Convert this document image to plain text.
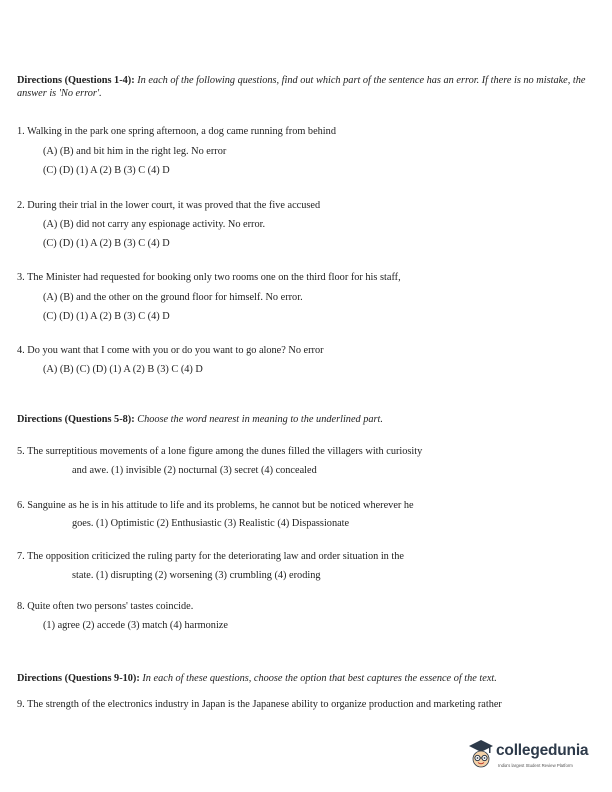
Directions (Questions 1-4): In each of the following questions, find out which part of the sentence has an error. If there is no mistake, the answer is 'No error'.
1. Walking in the park one spring afternoon, a dog came running from behind
(A) (B) and bit him in the right leg. No error
(C) (D) (1) A (2) B (3) C (4) D
2. During their trial in the lower court, it was proved that the five accused
(A) (B) did not carry any espionage activity. No error.
(C) (D) (1) A (2) B (3) C (4) D
3. The Minister had requested for booking only two rooms one on the third floor for his staff,
(A) (B) and the other on the ground floor for himself. No error.
(C) (D) (1) A (2) B (3) C (4) D
4. Do you want that I come with you or do you want to go alone? No error
(A) (B) (C) (D) (1) A (2) B (3) C (4) D
Directions (Questions 5-8): Choose the word nearest in meaning to the underlined part.
5. The surreptitious movements of a lone figure among the dunes filled the villagers with curiosity
and awe. (1) invisible (2) nocturnal (3) secret (4) concealed
6. Sanguine as he is in his attitude to life and its problems, he cannot but be noticed wherever he
goes. (1) Optimistic (2) Enthusiastic (3) Realistic (4) Dispassionate
7. The opposition criticized the ruling party for the deteriorating law and order situation in the
state. (1) disrupting (2) worsening (3) crumbling (4) eroding
8. Quite often two persons' tastes coincide.
(1) agree (2) accede (3) match (4) harmonize
Directions (Questions 9-10): In each of these questions, choose the option that best captures the essence of the text.
9. The strength of the electronics industry in Japan is the Japanese ability to organize production and marketing rather
collegedunia
India's largest Student Review Platform
